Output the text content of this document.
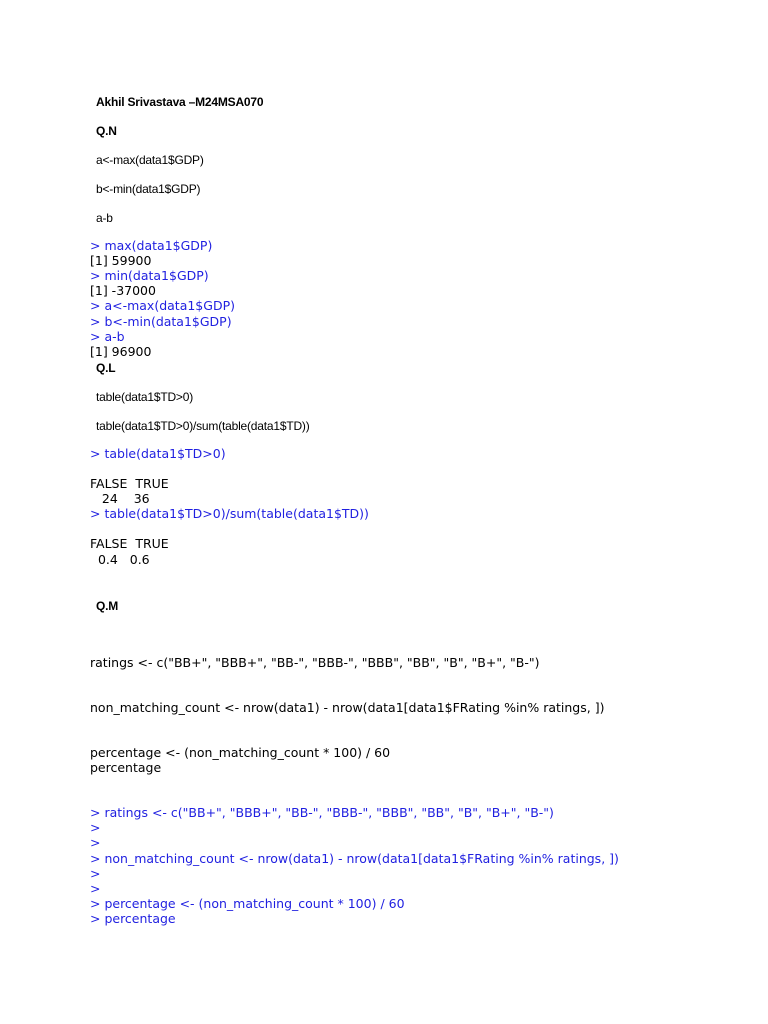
Akhil Srivastava –M24MSA070
Q.N
a<-max(data1$GDP)
b<-min(data1$GDP)
a-b
> max(data1$GDP)
[1] 59900
> min(data1$GDP)
[1] -37000
> a<-max(data1$GDP)
> b<-min(data1$GDP)
> a-b
[1] 96900
Q.L
table(data1$TD>0)
table(data1$TD>0)/sum(table(data1$TD))
> table(data1$TD>0)
FALSE  TRUE
24    36
> table(data1$TD>0)/sum(table(data1$TD))
FALSE  TRUE
0.4   0.6
Q.M
ratings <- c("BB+", "BBB+", "BB-", "BBB-", "BBB", "BB", "B", "B+", "B-")
non_matching_count <- nrow(data1) - nrow(data1[data1$FRating %in% ratings, ])
percentage <- (non_matching_count * 100) / 60
percentage
> ratings <- c("BB+", "BBB+", "BB-", "BBB-", "BBB", "BB", "B", "B+", "B-")
>
>
> non_matching_count <- nrow(data1) - nrow(data1[data1$FRating %in% ratings, ])
>
>
> percentage <- (non_matching_count * 100) / 60
> percentage
